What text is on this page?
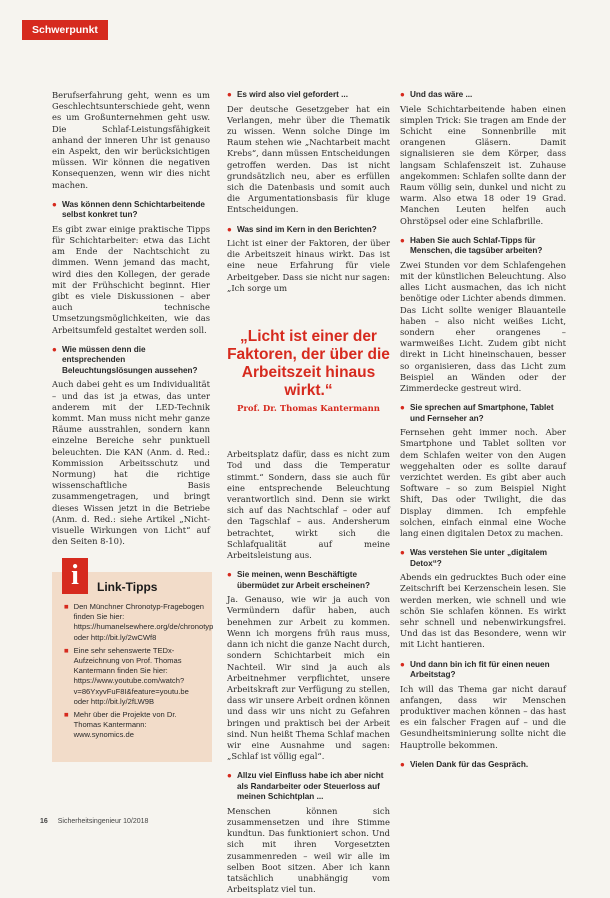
Schwerpunkt

Berufserfahrung geht, wenn es um Geschlechtsunterschiede geht, wenn es um Großunternehmen geht usw. Die Schlaf-Leistungsfähigkeit anhand der inneren Uhr ist genauso ein Aspekt, den wir berücksichtigen müssen. Wir können die negativen Konsequenzen, wenn wir dies nicht machen.

● Was können denn Schichtarbeitende selbst konkret tun?

Es gibt zwar einige praktische Tipps für Schichtarbeiter: etwa das Licht am Ende der Nachtschicht zu dimmen. Wenn jemand das macht, wird dies den Kollegen, der gerade mit der Frühschicht beginnt. Hier gibt es viele Diskussionen – aber auch technische Umsetzungsmöglichkeiten, wie das Arbeitsumfeld gestaltet werden soll.

● Wie müssen denn die entsprechenden Beleuchtungslösungen aussehen?

Auch dabei geht es um Individualität – und das ist ja etwas, das unter anderem mit der LED-Technik kommt. Man muss nicht mehr ganze Räume ausstrahlen, sondern kann einzelne Bereiche sehr punktuell beleuchten. Die KAN (Anm. d. Red.: Kommission Arbeitsschutz und Normung) hat die richtige wissenschaftliche Basis zusammengetragen, und bringt dieses Wissen jetzt in die Betriebe (Anm. d. Red.: siehe Artikel „Nicht-visuelle Wirkungen von Licht“ auf den Seiten 8-10).

i	Link-Tipps
■ Den Münchner Chronotyp-Fragebogen finden Sie hier: https://humanelsewhere.org/de/chronotyp oder http://bit.ly/2wCWf8
■ Eine sehr sehenswerte TEDx-Aufzeichnung von Prof. Thomas Kantermann finden Sie hier: https://www.youtube.com/watch?v=86YxyvFuF8I&feature=youtu.be oder http://bit.ly/2fLW9B
■ Mehr über die Projekte von Dr. Thomas Kantermann: www.synomics.de
● Es wird also viel gefordert ...

Der deutsche Gesetzgeber hat ein Verlangen, mehr über die Thematik zu wissen. Wenn solche Dinge im Raum stehen wie „Nachtarbeit macht Krebs“, dann müssen Entscheidungen getroffen werden. Das ist nicht grundsätzlich neu, aber es erfüllen sich die Datenbasis und somit auch die Argumentationsbasis für kluge Entscheidungen.

● Was sind im Kern in den Berichten?

Licht ist einer der Faktoren, der über die Arbeitszeit hinaus wirkt. Das ist eine neue Erfahrung für viele Arbeitgeber. Dass sie nicht nur sagen: „Ich sorge um

„Licht ist einer der Faktoren, der über die Arbeitszeit hinaus wirkt.“
Prof. Dr. Thomas Kantermann

Arbeitsplatz dafür, dass es nicht zum Tod und dass die Temperatur stimmt.“ Sondern, dass sie auch für eine entsprechende Beleuchtung verantwortlich sind. Denn sie wirkt sich auf das Nachtschlaf – oder auf den Tagschlaf – aus. Andersherum betrachtet, wirkt sich die Schlafqualität auf meine Arbeitsleistung aus.

● Sie meinen, wenn Beschäftigte übermüdet zur Arbeit erscheinen?

Ja. Genauso, wie wir ja auch von Vermündern dafür haben, auch benehmen zur Arbeit zu kommen. Wenn ich morgens früh raus muss, dann ich nicht die ganze Nacht durch, sondern Schichtarbeit mich ein Nachteil. Wir sind ja auch als Arbeitnehmer verpflichtet, unsere Arbeitskraft zur Verfügung zu stellen, dass wir unsere Arbeit ordnen können und dass wir uns nicht zu Gefahren bringen und praktisch bei der Arbeit sind. Nun heißt Thema Schlaf machen wir eine Ausnahme und sagen: „Schlaf ist völlig egal“.

● Allzu viel Einfluss habe ich aber nicht als Randarbeiter oder Steuerloss auf meinen Schichtplan ...

Menschen können sich zusammensetzen und ihre Stimme kundtun. Das funktioniert schon. Und sich mit ihren Vorgesetzten zusammenreden – weil wir alle im selben Boot sitzen. Aber ich kann tatsächlich unabhängig vom Arbeitsplatz viel tun.

● Und das wäre ...

Viele Schichtarbeitende haben einen simplen Trick: Sie tragen am Ende der Schicht eine Sonnenbrille mit orangenen Gläsern. Damit signalisieren sie dem Körper, dass langsam Schlafenszeit ist. Zuhause angekommen: Schlafen sollte dann der Raum völlig sein, dunkel und nicht zu warm. Also etwa 18 oder 19 Grad. Manchen Leuten helfen auch Ohrstöpsel oder eine Schlafbrille.

● Haben Sie auch Schlaf-Tipps für Menschen, die tagsüber arbeiten?

Zwei Stunden vor dem Schlafengehen mit der künstlichen Beleuchtung. Also alles Licht ausmachen, das ich nicht benötige oder Lichter abends dimmen. Das Licht sollte weniger Blauanteile haben – also nicht weißes Licht, sondern eher orangenes – warmweißes Licht. Zudem gibt nicht direkt in Licht hineinschauen, besser so organisieren, dass das Licht zum Beispiel an Wänden oder der Zimmerdecke gestreut wird.

● Sie sprechen auf Smartphone, Tablet und Fernseher an?

Fernsehen geht immer noch. Aber Smartphone und Tablet sollten vor dem Schlafen weiter von den Augen weggehalten oder es sollte darauf verzichtet werden. Es gibt aber auch Software – so zum Beispiel Night Shift, Das oder Twilight, die das Display dimmen. Ich empfehle solchen, einfach einmal eine Woche lang einen digitalen Detox zu machen.

● Was verstehen Sie unter „digitalem Detox“?

Abends ein gedrucktes Buch oder eine Zeitschrift bei Kerzenschein lesen. Sie werden merken, wie schnell und wie schön Sie schlafen können. Es wirkt sehr schnell und nebenwirkungsfrei. Und das ist das Besondere, wenn wir mit Licht hantieren.

● Und dann bin ich fit für einen neuen Arbeitstag?

Ich will das Thema gar nicht darauf anfangen, dass wir Menschen produktiver machen können – das hast es ein falscher Fragen auf – und die Gesundheitsminierung sollte nicht die Hauptrolle bekommen.

● Vielen Dank für das Gespräch.
16 Sicherheitsingenieur 10/2018
